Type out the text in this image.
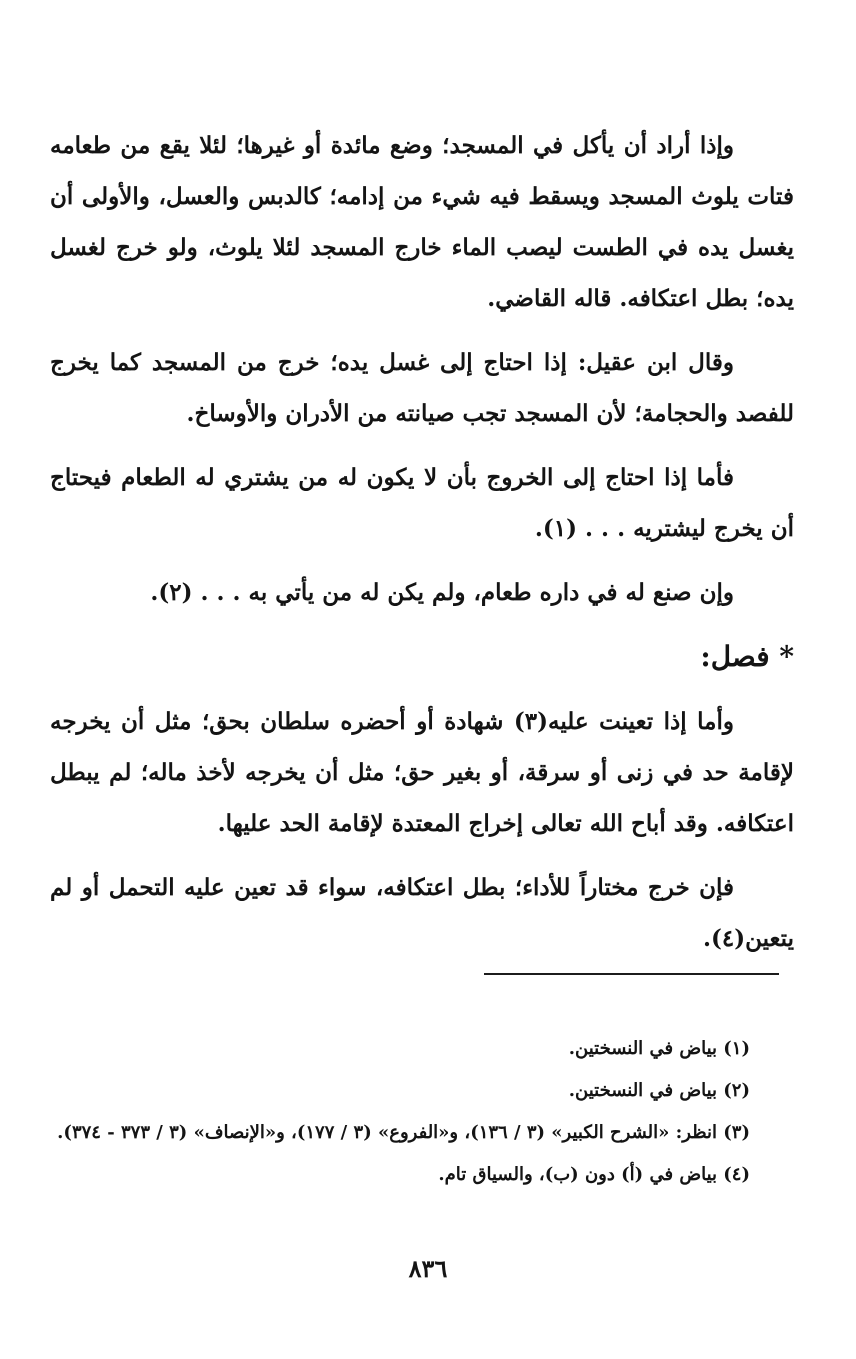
وإذا أراد أن يأكل في المسجد؛ وضع مائدة أو غيرها؛ لئلا يقع من طعامه فتات يلوث المسجد ويسقط فيه شيء من إدامه؛ كالدبس والعسل، والأولى أن يغسل يده في الطست ليصب الماء خارج المسجد لئلا يلوث، ولو خرج لغسل يده؛ بطل اعتكافه. قاله القاضي.

وقال ابن عقيل: إذا احتاج إلى غسل يده؛ خرج من المسجد كما يخرج للفصد والحجامة؛ لأن المسجد تجب صيانته من الأدران والأوساخ.

فأما إذا احتاج إلى الخروج بأن لا يكون له من يشتري له الطعام فيحتاج أن يخرج ليشتريه . . . (١).

وإن صنع له في داره طعام، ولم يكن له من يأتي به . . . (٢).

* فصل:

وأما إذا تعينت عليه(٣) شهادة أو أحضره سلطان بحق؛ مثل أن يخرجه لإقامة حد في زنى أو سرقة، أو بغير حق؛ مثل أن يخرجه لأخذ ماله؛ لم يبطل اعتكافه. وقد أباح الله تعالى إخراج المعتدة لإقامة الحد عليها.

فإن خرج مختاراً للأداء؛ بطل اعتكافه، سواء قد تعين عليه التحمل أو لم يتعين(٤).

(١) بياض في النسختين.

(٢) بياض في النسختين.

(٣) انظر: «الشرح الكبير» (٣ / ١٣٦)، و«الفروع» (٣ / ١٧٧)، و«الإنصاف» (٣ / ٣٧٣ - ٣٧٤).

(٤) بياض في (أ) دون (ب)، والسياق تام.

٨٣٦
